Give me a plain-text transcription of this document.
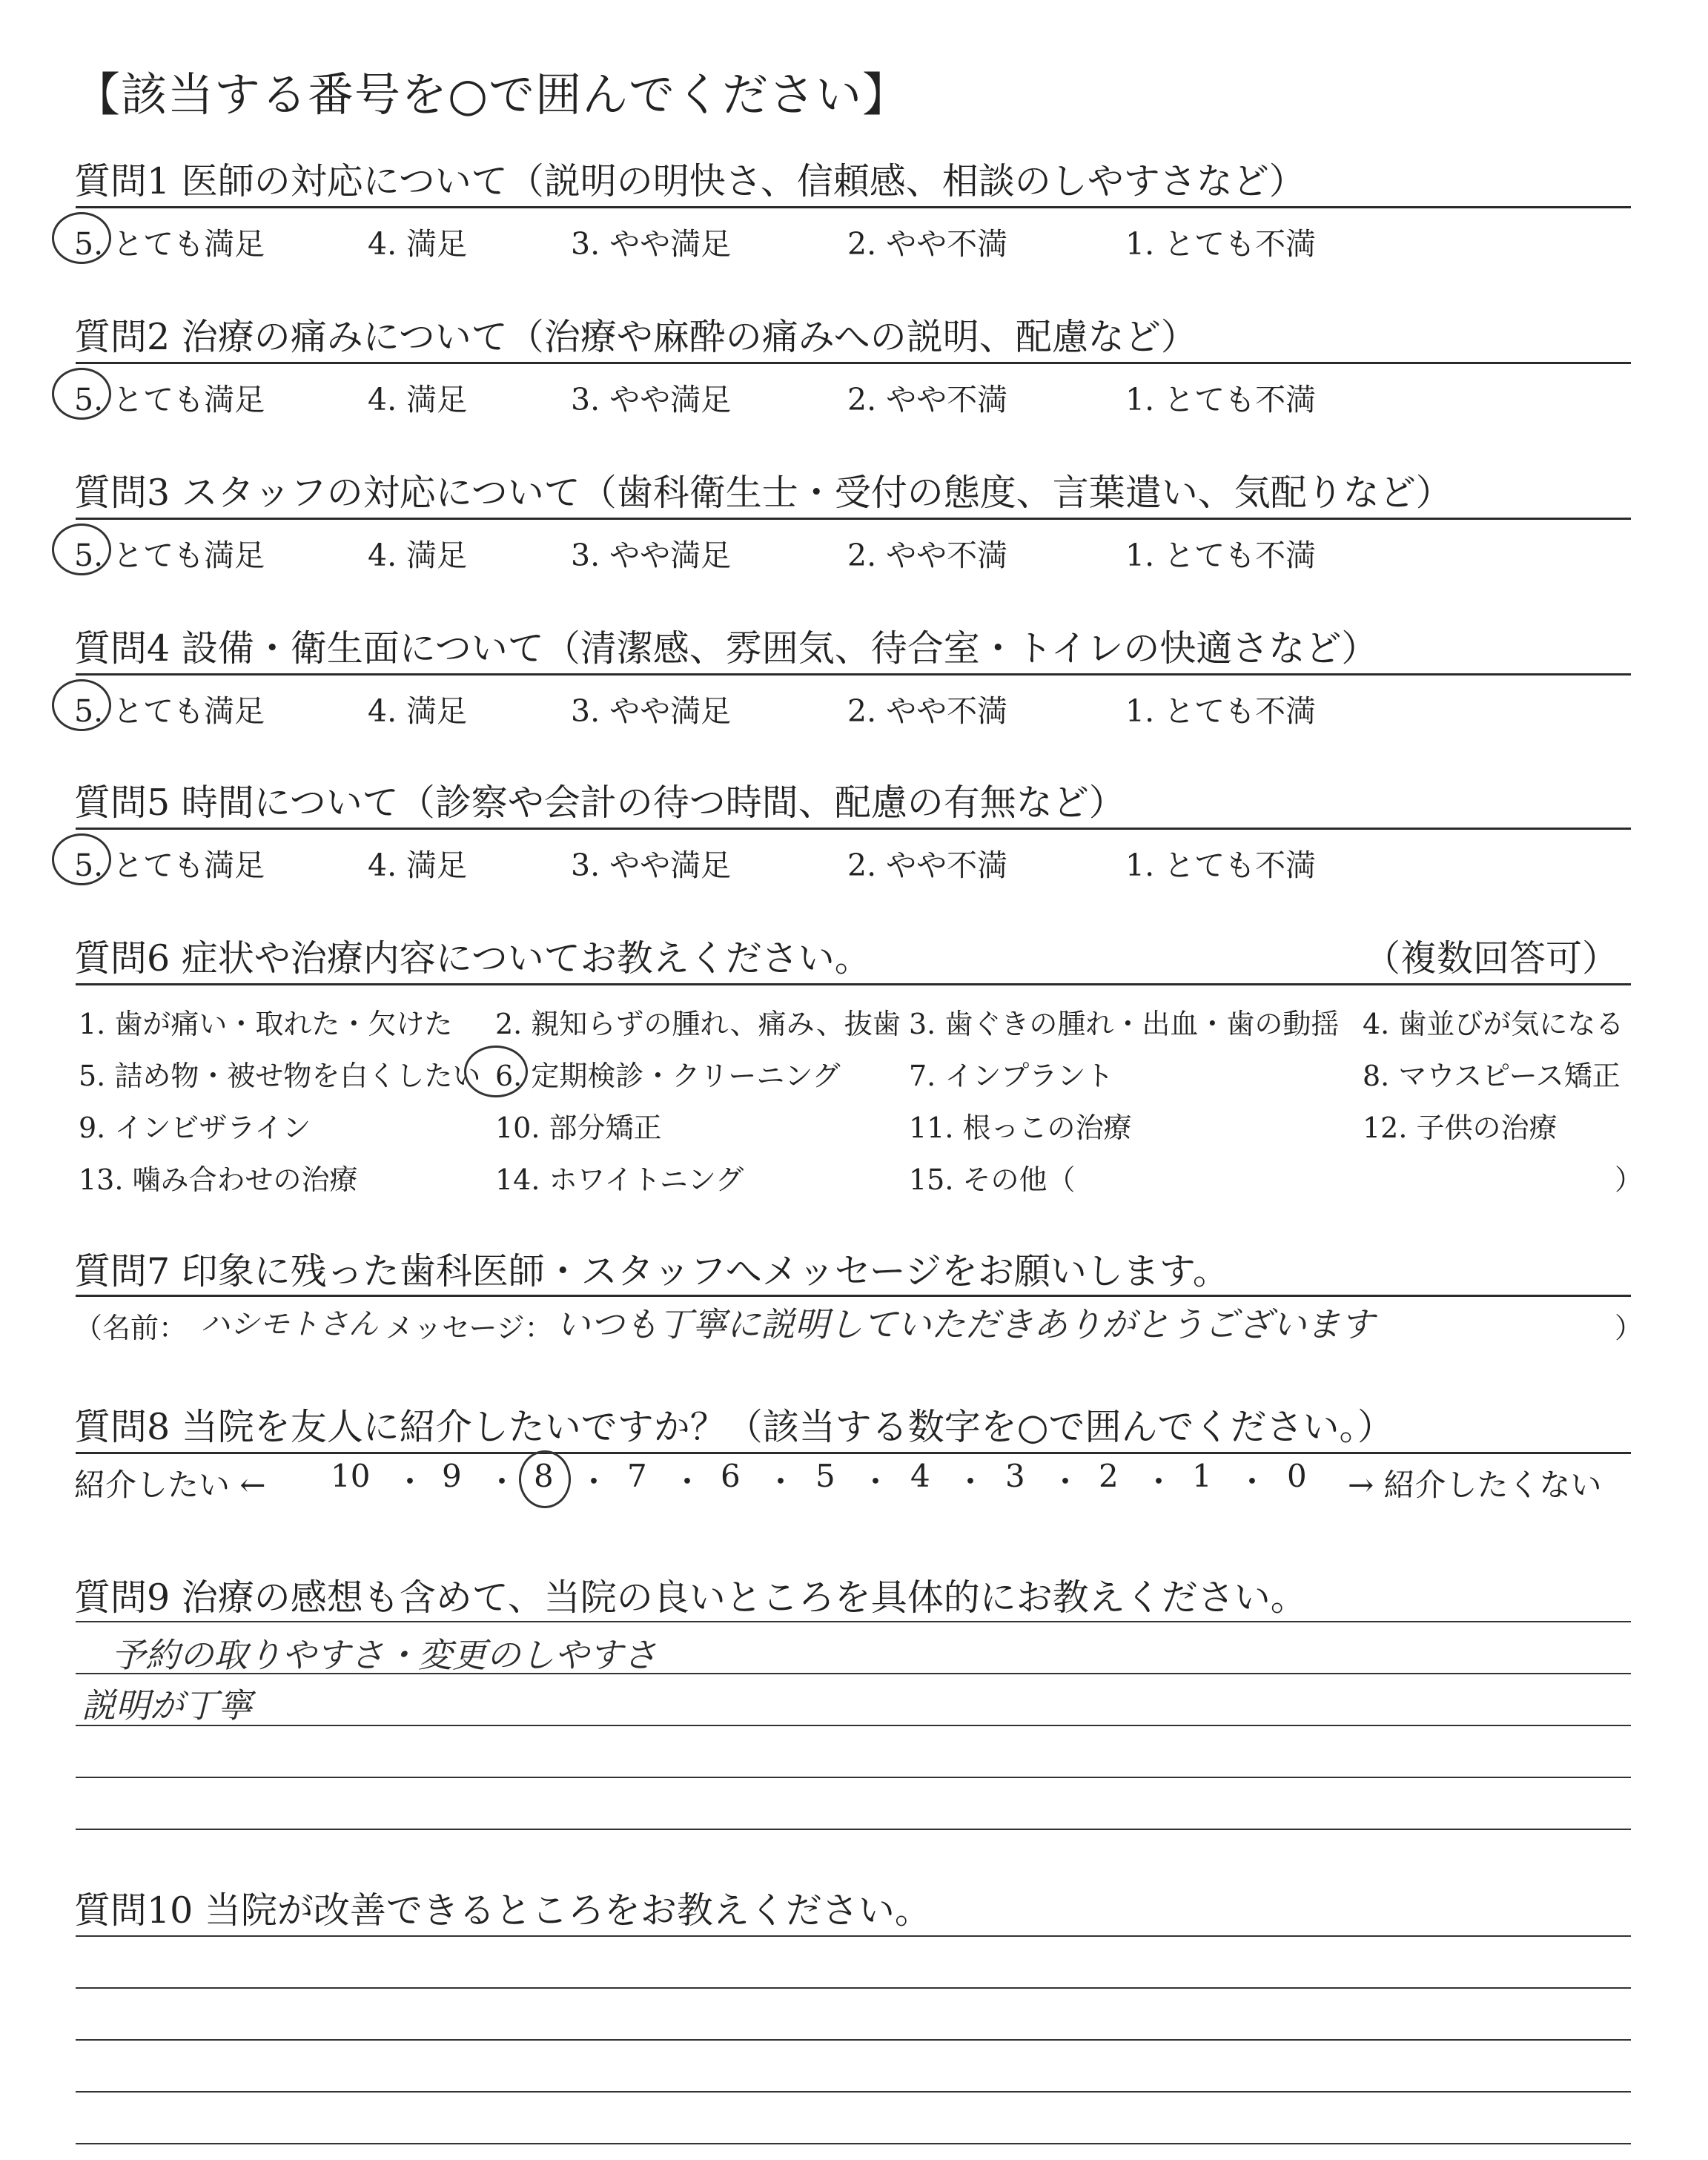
【該当する番号を○で囲んでください】
質問1 医師の対応について（説明の明快さ、信頼感、相談のしやすさなど）
5. とても満足	4. 満足	3. やや満足	2. やや不満	1. とても不満
質問2 治療の痛みについて（治療や麻酔の痛みへの説明、配慮など）
5. とても満足	4. 満足	3. やや満足	2. やや不満	1. とても不満
質問3 スタッフの対応について（歯科衛生士・受付の態度、言葉遣い、気配りなど）
5. とても満足	4. 満足	3. やや満足	2. やや不満	1. とても不満
質問4 設備・衛生面について（清潔感、雰囲気、待合室・トイレの快適さなど）
5. とても満足	4. 満足	3. やや満足	2. やや不満	1. とても不満
質問5 時間について（診察や会計の待つ時間、配慮の有無など）
5. とても満足	4. 満足	3. やや満足	2. やや不満	1. とても不満
質問6 症状や治療内容についてお教えください。	（複数回答可）
1. 歯が痛い・取れた・欠けた 2. 親知らずの腫れ、痛み、抜歯 3. 歯ぐきの腫れ・出血・歯の動揺 4. 歯並びが気になる
5. 詰め物・被せ物を白くしたい 6. 定期検診・クリーニング 7. インプラント	8. マウスピース矯正
9. インビザライン	10. 部分矯正	11. 根っこの治療	12. 子供の治療
13. 噛み合わせの治療	14. ホワイトニング	15. その他（	）
質問7 印象に残った歯科医師・スタッフへメッセージをお願いします。
（名前： ハシモトさん メッセージ： いつも丁寧に説明していただきありがとうございます	）
質問8 当院を友人に紹介したいですか？（該当する数字を○で囲んでください。）
紹介したい ←	→ 紹介したくない
10 ・ 9 ・ 8 ・ 7 ・ 6 ・ 5 ・ 4 ・ 3 ・ 2 ・ 1 ・ 0
質問9 治療の感想も含めて、当院の良いところを具体的にお教えください。
予約の取りやすさ・変更のしやすさ
説明が丁寧
質問10 当院が改善できるところをお教えください。
